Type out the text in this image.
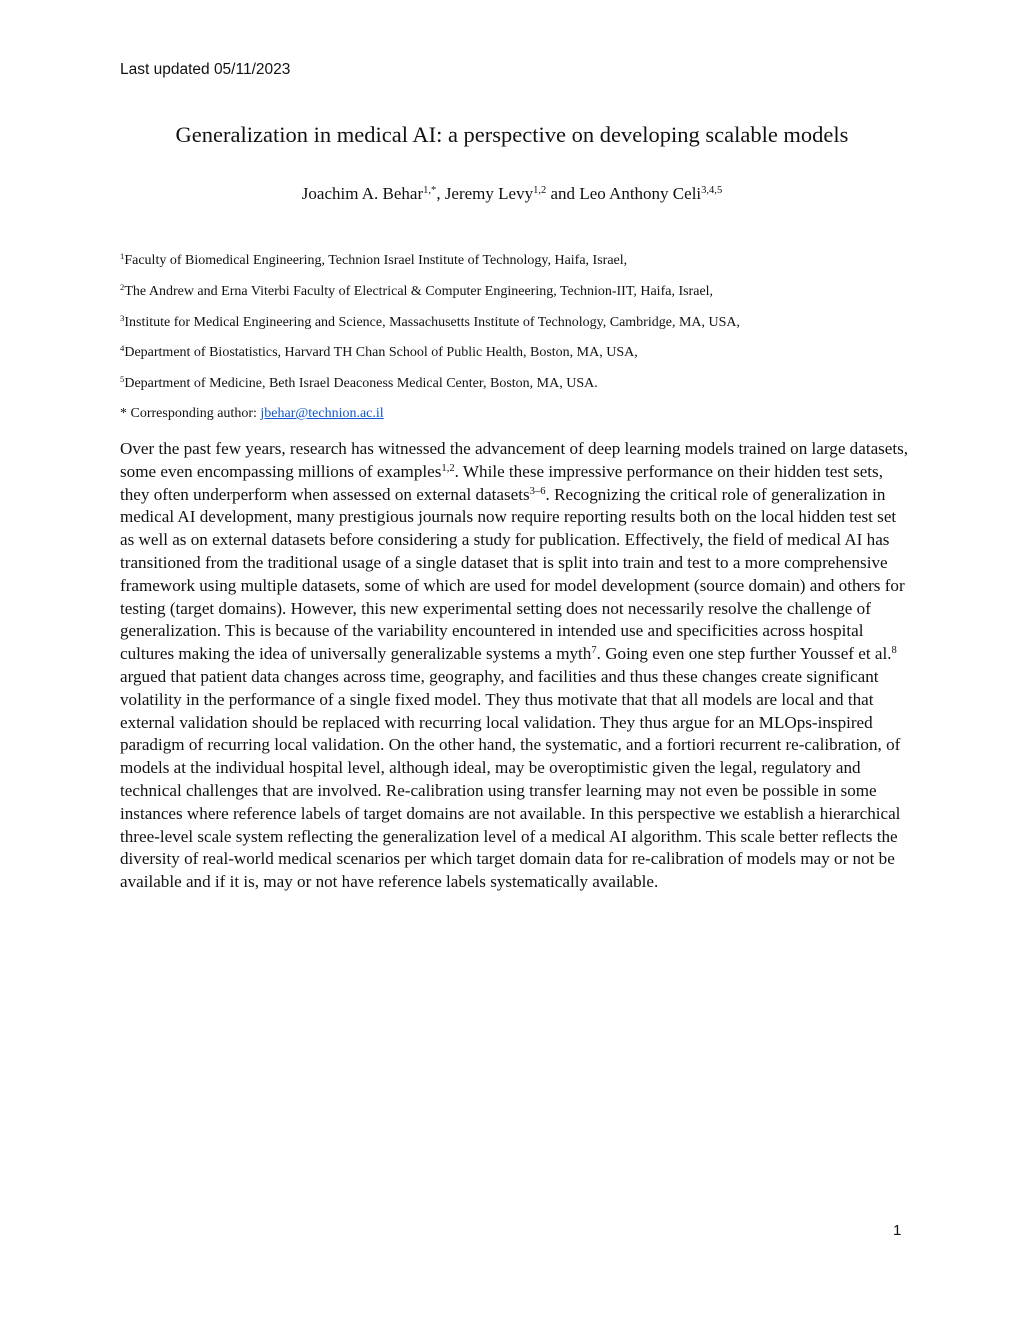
Last updated 05/11/2023
Generalization in medical AI: a perspective on developing scalable models
Joachim A. Behar$^{1,*}$, Jeremy Levy$^{1,2}$ and Leo Anthony Celi$^{3,4,5}$
$^1$Faculty of Biomedical Engineering, Technion Israel Institute of Technology, Haifa, Israel,
$^2$The Andrew and Erna Viterbi Faculty of Electrical & Computer Engineering, Technion-IIT, Haifa, Israel,
$^3$Institute for Medical Engineering and Science, Massachusetts Institute of Technology, Cambridge, MA, USA,
$^4$Department of Biostatistics, Harvard TH Chan School of Public Health, Boston, MA, USA,
$^5$Department of Medicine, Beth Israel Deaconess Medical Center, Boston, MA, USA.
* Corresponding author: jbehar@technion.ac.il

Over the past few years, research has witnessed the advancement of deep learning models trained on large datasets, some even encompassing millions of examples$^{1,2}$. While these impressive performance on their hidden test sets, they often underperform when assessed on external datasets$^{3-6}$. Recognizing the critical role of generalization in medical AI development, many prestigious journals now require reporting results both on the local hidden test set as well as on external datasets before considering a study for publication. Effectively, the field of medical AI has transitioned from the traditional usage of a single dataset that is split into train and test to a more comprehensive framework using multiple datasets, some of which are used for model development (source domain) and others for testing (target domains). However, this new experimental setting does not necessarily resolve the challenge of generalization. This is because of the variability encountered in intended use and specificities across hospital cultures making the idea of universally generalizable systems a myth$^7$. Going even one step further Youssef et al.$^8$ argued that patient data changes across time, geography, and facilities and thus these changes create significant volatility in the performance of a single fixed model. They thus motivate that that all models are local and that external validation should be replaced with recurring local validation. They thus argue for an MLOps-inspired paradigm of recurring local validation. On the other hand, the systematic, and a fortiori recurrent re-calibration, of models at the individual hospital level, although ideal, may be overoptimistic given the legal, regulatory and technical challenges that are involved. Re-calibration using transfer learning may not even be possible in some instances where reference labels of target domains are not available. In this perspective we establish a hierarchical three-level scale system reflecting the generalization level of a medical AI algorithm. This scale better reflects the diversity of real-world medical scenarios per which target domain data for re-calibration of models may or not be available and if it is, may or not have reference labels systematically available.

1
